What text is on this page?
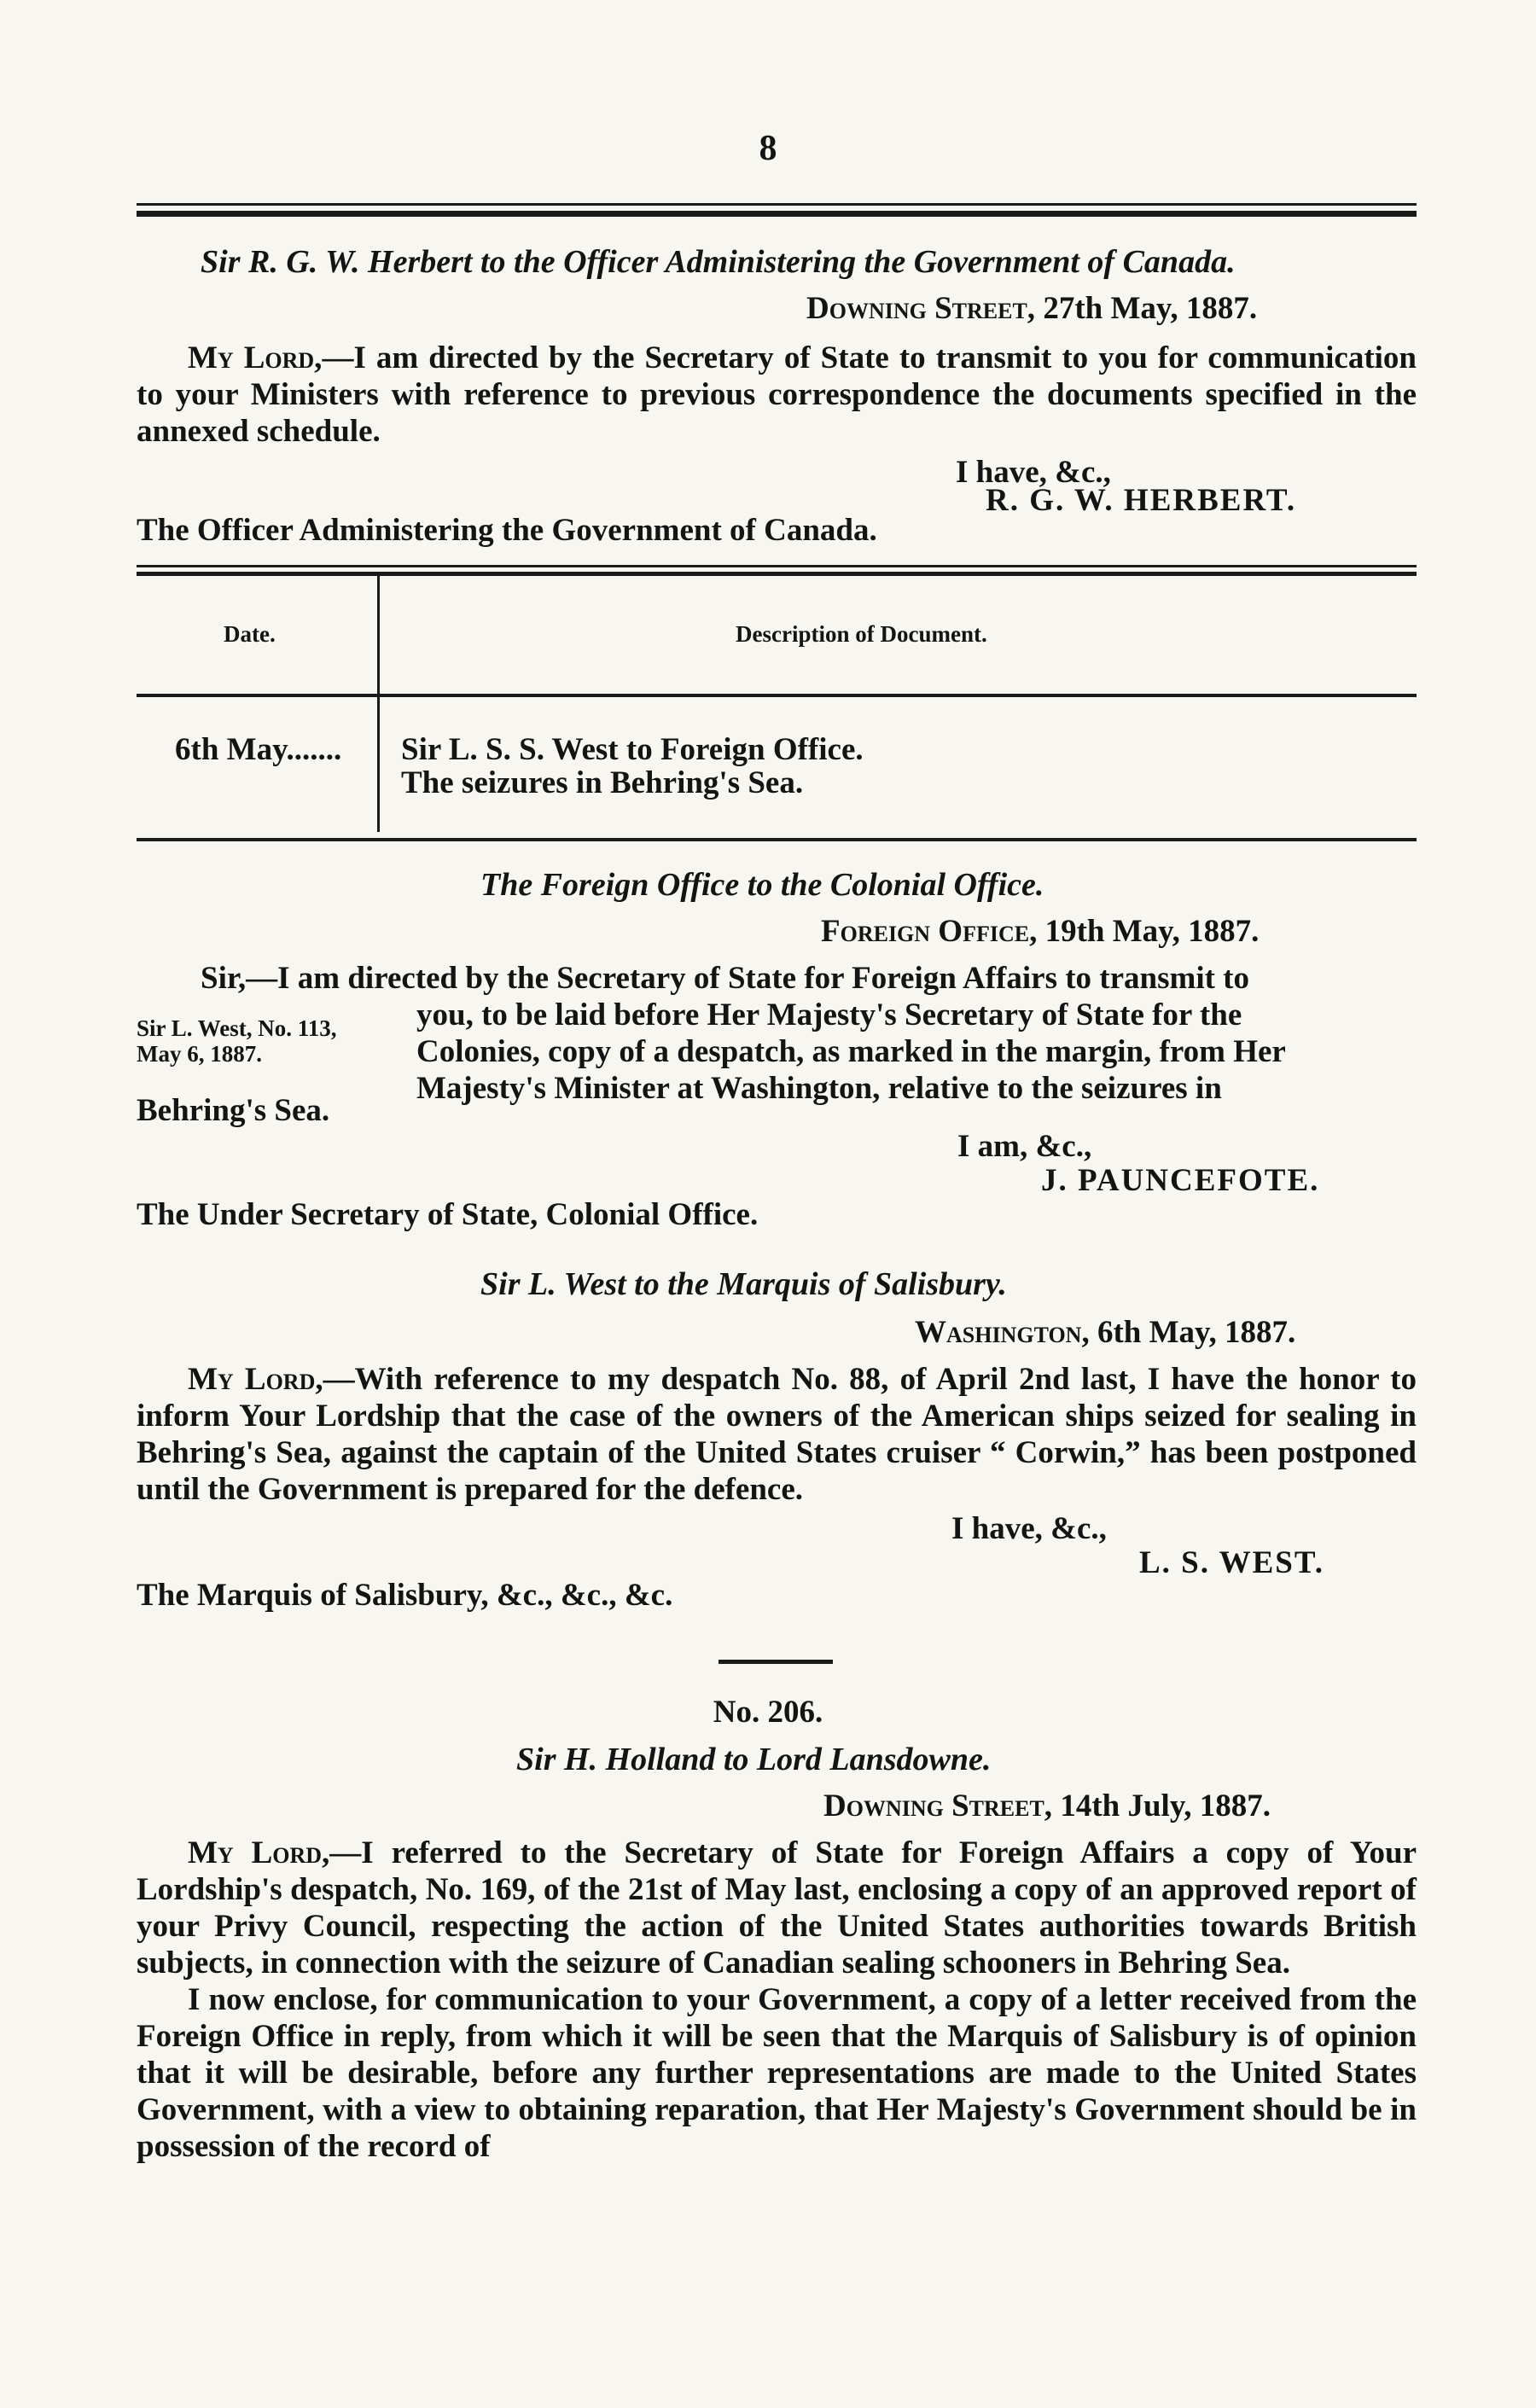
8
Sir R. G. W. Herbert to the Officer Administering the Government of Canada.
Downing Street, 27th May, 1887.

My Lord,—I am directed by the Secretary of State to transmit to you for communication to your Ministers with reference to previous correspondence the documents specified in the annexed schedule.

I have, &c.,
R. G. W. HERBERT.
The Officer Administering the Government of Canada.
Date.	Description of Document.
6th May....... Sir L. S. S. West to Foreign Office.
The seizures in Behring's Sea.
The Foreign Office to the Colonial Office.
Foreign Office, 19th May, 1887.
Sir,—I am directed by the Secretary of State for Foreign Affairs to transmit to
you, to be laid before Her Majesty's Secretary of State for the
Colonies, copy of a despatch, as marked in the margin, from Her
Majesty's Minister at Washington, relative to the seizures in
Behring's Sea.
Sir L. West, No. 113,
May 6, 1887.
I am, &c.,
J. PAUNCEFOTE.
The Under Secretary of State, Colonial Office.
Sir L. West to the Marquis of Salisbury.
Washington, 6th May, 1887.

My Lord,—With reference to my despatch No. 88, of April 2nd last, I have the honor to inform Your Lordship that the case of the owners of the American ships seized for sealing in Behring's Sea, against the captain of the United States cruiser “ Corwin,” has been postponed until the Government is prepared for the defence.

I have, &c.,
L. S. WEST.
The Marquis of Salisbury, &c., &c., &c.
No. 206.
Sir H. Holland to Lord Lansdowne.
Downing Street, 14th July, 1887.

My Lord,—I referred to the Secretary of State for Foreign Affairs a copy of Your Lordship's despatch, No. 169, of the 21st of May last, enclosing a copy of an approved report of your Privy Council, respecting the action of the United States authorities towards British subjects, in connection with the seizure of Canadian sealing schooners in Behring Sea.

I now enclose, for communication to your Government, a copy of a letter received from the Foreign Office in reply, from which it will be seen that the Marquis of Salisbury is of opinion that it will be desirable, before any further representations are made to the United States Government, with a view to obtaining reparation, that Her Majesty's Government should be in possession of the record of
